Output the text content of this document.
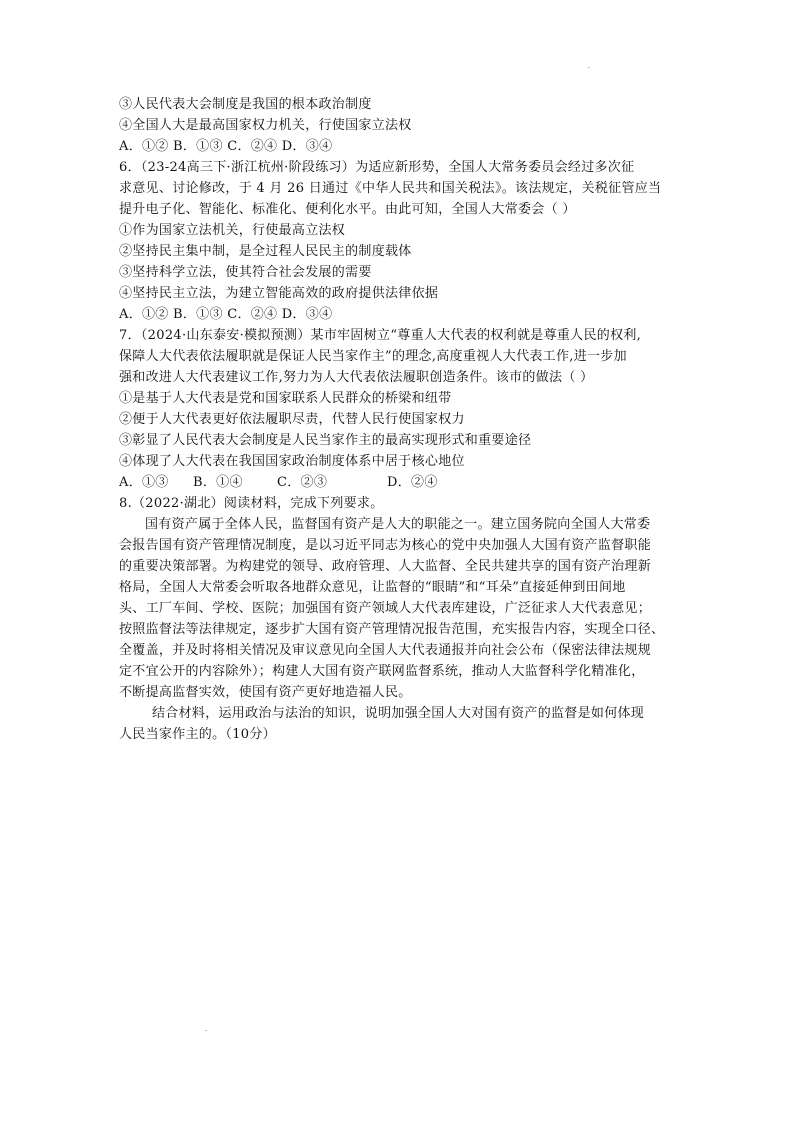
③人民代表大会制度是我国的根本政治制度
④全国人大是最高国家权力机关，行使国家立法权
A．①② B．①③ C．②④ D．③④
6．（23-24高三下·浙江杭州·阶段练习）为适应新形势，全国人大常务委员会经过多次征
求意见、讨论修改，于 4 月 26 日通过《中华人民共和国关税法》。该法规定，关税征管应当
提升电子化、智能化、标准化、便利化水平。由此可知，全国人大常委会（ ）
①作为国家立法机关，行使最高立法权
②坚持民主集中制，是全过程人民民主的制度载体
③坚持科学立法，使其符合社会发展的需要
④坚持民主立法，为建立智能高效的政府提供法律依据
A．①② B．①③ C．②④ D．③④
7．（2024·山东泰安·模拟预测）某市牢固树立“尊重人大代表的权利就是尊重人民的权利,
保障人大代表依法履职就是保证人民当家作主”的理念,高度重视人大代表工作,进一步加
强和改进人大代表建议工作,努力为人大代表依法履职创造条件。该市的做法（ ）
①是基于人大代表是党和国家联系人民群众的桥梁和纽带
②便于人大代表更好依法履职尽责，代替人民行使国家权力
③彰显了人民代表大会制度是人民当家作主的最高实现形式和重要途径
④体现了人大代表在我国国家政治制度体系中居于核心地位
A．①③ B．①④	C．②③	D．②④
8.（2022·湖北）阅读材料，完成下列要求。
国有资产属于全体人民，监督国有资产是人大的职能之一。建立国务院向全国人大常委
会报告国有资产管理情况制度，是以习近平同志为核心的党中央加强人大国有资产监督职能
的重要决策部署。为构建党的领导、政府管理、人大监督、全民共建共享的国有资产治理新
格局，全国人大常委会听取各地群众意见，让监督的“眼睛”和“耳朵”直接延伸到田间地
头、工厂车间、学校、医院；加强国有资产领域人大代表库建设，广泛征求人大代表意见；
按照监督法等法律规定，逐步扩大国有资产管理情况报告范围，充实报告内容，实现全口径、
全覆盖，并及时将相关情况及审议意见向全国人大代表通报并向社会公布（保密法律法规规
定不宜公开的内容除外）；构建人大国有资产联网监督系统，推动人大监督科学化精准化，
不断提高监督实效，使国有资产更好地造福人民。
结合材料，运用政治与法治的知识，说明加强全国人大对国有资产的监督是如何体现
人民当家作主的。（10分）
